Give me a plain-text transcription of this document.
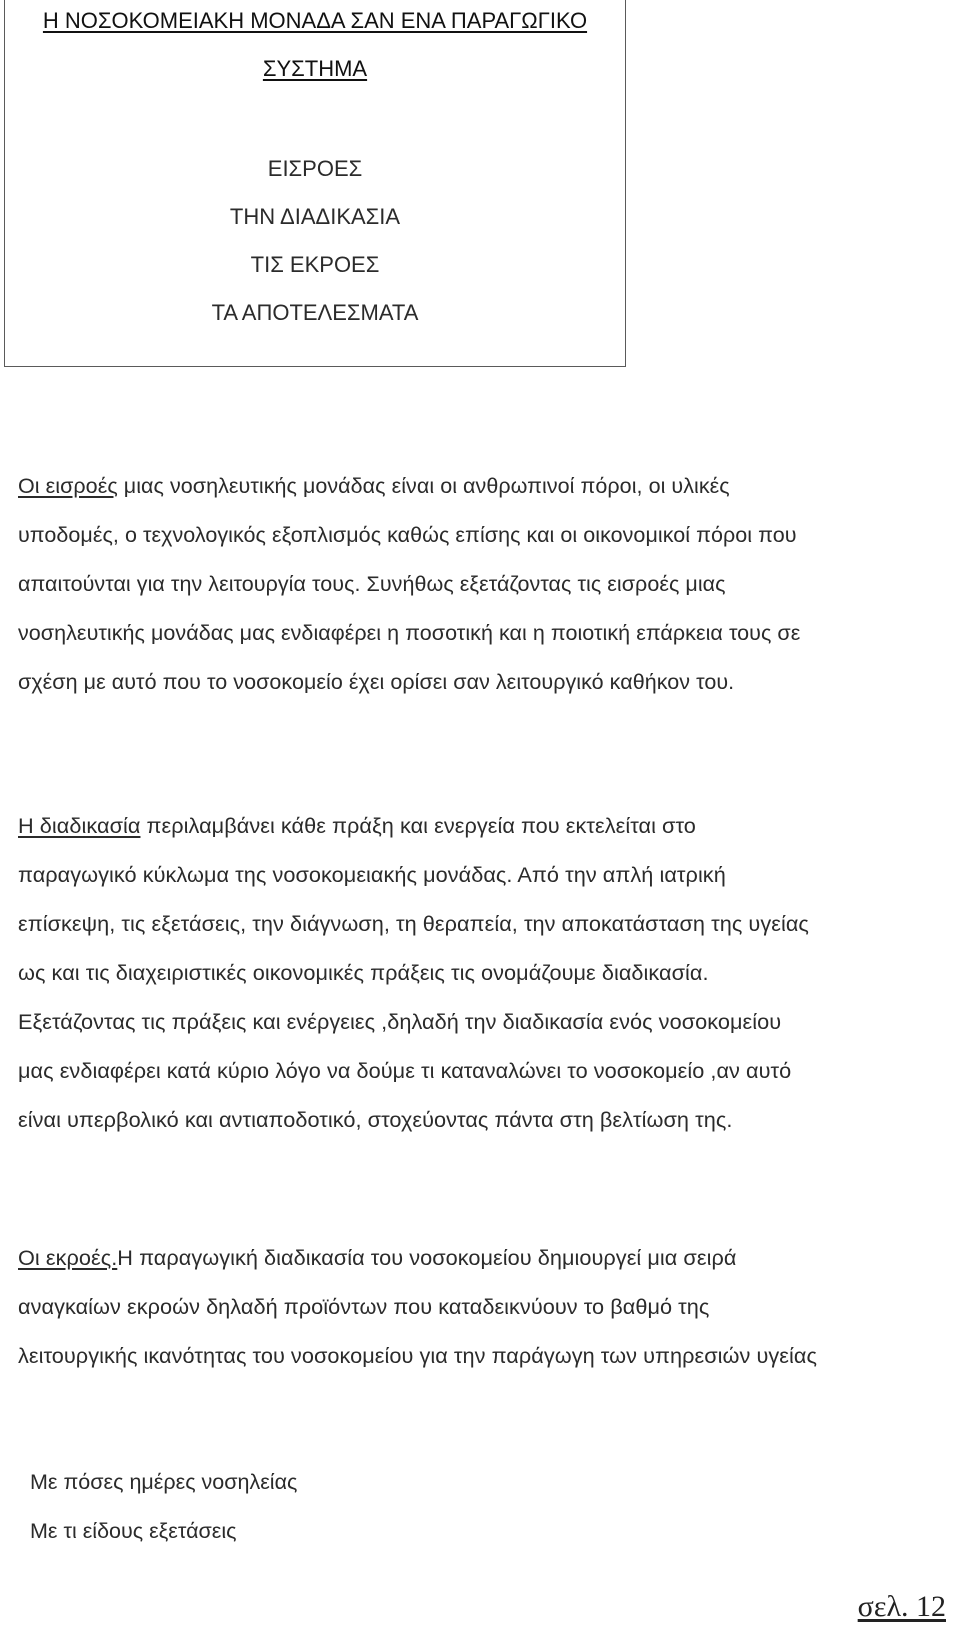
Η ΝΟΣΟΚΟΜΕΙΑΚΗ ΜΟΝΑΔΑ ΣΑΝ ΕΝΑ ΠΑΡΑΓΩΓΙΚΟ
ΣΥΣΤΗΜΑ
ΕΙΣΡΟΕΣ
ΤΗΝ ΔΙΑΔΙΚΑΣΙΑ
ΤΙΣ ΕΚΡΟΕΣ
ΤΑ ΑΠΟΤΕΛΕΣΜΑΤΑ

Οι εισροές μιας νοσηλευτικής μονάδας είναι οι ανθρωπινοί πόροι, οι υλικές
υποδομές, ο τεχνολογικός εξοπλισμός καθώς επίσης και οι οικονομικοί πόροι που
απαιτούνται για την λειτουργία τους. Συνήθως εξετάζοντας τις εισροές μιας
νοσηλευτικής μονάδας μας ενδιαφέρει η ποσοτική και η ποιοτική επάρκεια τους σε
σχέση με αυτό που το νοσοκομείο έχει ορίσει σαν λειτουργικό καθήκον του.

Η διαδικασία περιλαμβάνει κάθε πράξη και ενεργεία που εκτελείται στο
παραγωγικό κύκλωμα της νοσοκομειακής μονάδας. Από την απλή ιατρική
επίσκεψη, τις εξετάσεις, την διάγνωση, τη θεραπεία, την αποκατάσταση της υγείας
ως και τις διαχειριστικές οικονομικές πράξεις τις ονομάζουμε διαδικασία.
Εξετάζοντας τις πράξεις και ενέργειες ,δηλαδή την διαδικασία ενός νοσοκομείου
μας ενδιαφέρει κατά κύριο λόγο να δούμε τι καταναλώνει το νοσοκομείο ,αν αυτό
είναι υπερβολικό και αντιαποδοτικό, στοχεύοντας πάντα στη βελτίωση της.

Οι εκροές.Η παραγωγική διαδικασία του νοσοκομείου δημιουργεί μια σειρά
αναγκαίων εκροών δηλαδή προϊόντων που καταδεικνύουν το βαθμό της
λειτουργικής ικανότητας του νοσοκομείου για την παράγωγη των υπηρεσιών υγείας

Με πόσες ημέρες νοσηλείας
Με τι είδους εξετάσεις
σελ. 12
